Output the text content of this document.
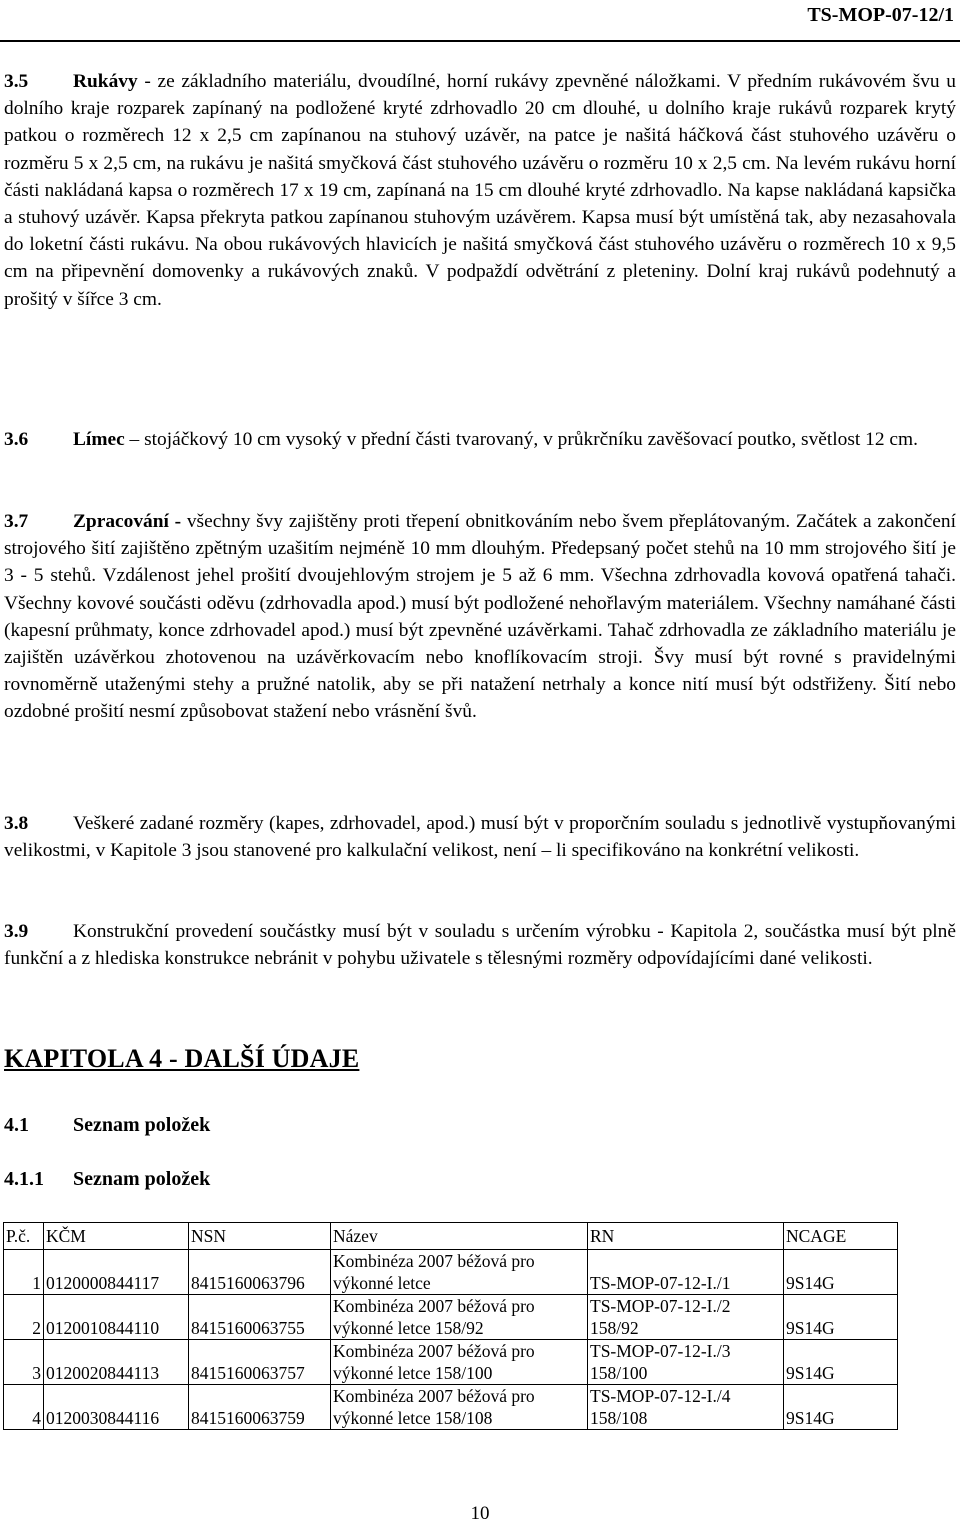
TS-MOP-07-12/1
3.5 Rukávy - ze základního materiálu, dvoudílné, horní rukávy zpevněné náložkami. V předním rukávovém švu u dolního kraje rozparek zapínaný na podložené kryté zdrhovadlo 20 cm dlouhé, u dolního kraje rukávů rozparek krytý patkou o rozměrech 12 x 2,5 cm zapínanou na stuhový uzávěr, na patce je našitá háčková část stuhového uzávěru o rozměru 5 x 2,5 cm, na rukávu je našitá smyčková část stuhového uzávěru o rozměru 10 x 2,5 cm. Na levém rukávu horní části nakládaná kapsa o rozměrech 17 x 19 cm, zapínaná na 15 cm dlouhé kryté zdrhovadlo. Na kapse nakládaná kapsička a stuhový uzávěr. Kapsa překryta patkou zapínanou stuhovým uzávěrem. Kapsa musí být umístěná tak, aby nezasahovala do loketní části rukávu. Na obou rukávových hlavicích je našitá smyčková část stuhového uzávěru o rozměrech 10 x 9,5 cm na připevnění domovenky a rukávových znaků. V podpaždí odvětrání z pleteniny. Dolní kraj rukávů podehnutý a prošitý v šířce 3 cm.
3.6 Límec – stojáčkový 10 cm vysoký v přední části tvarovaný, v průkrčníku zavěšovací poutko, světlost 12 cm.
3.7 Zpracování - všechny švy zajištěny proti třepení obnitkováním nebo švem přeplátovaným. Začátek a zakončení strojového šití zajištěno zpětným uzašitím nejméně 10 mm dlouhým. Předepsaný počet stehů na 10 mm strojového šití je 3 - 5 stehů. Vzdálenost jehel prošití dvoujehlovým strojem je 5 až 6 mm. Všechna zdrhovadla kovová opatřená tahači. Všechny kovové součásti oděvu (zdrhovadla apod.) musí být podložené nehořlavým materiálem. Všechny namáhané části (kapesní průhmaty, konce zdrhovadel apod.) musí být zpevněné uzávěrkami. Tahač zdrhovadla ze základního materiálu je zajištěn uzávěrkou zhotovenou na uzávěrkovacím nebo knoflíkovacím stroji. Švy musí být rovné s pravidelnými rovnoměrně utaženými stehy a pružné natolik, aby se při natažení netrhaly a konce nití musí být odstřiženy. Šití nebo ozdobné prošití nesmí způsobovat stažení nebo vrásnění švů.
3.8 Veškeré zadané rozměry (kapes, zdrhovadel, apod.) musí být v proporčním souladu s jednotlivě vystupňovanými velikostmi, v Kapitole 3 jsou stanovené pro kalkulační velikost, není – li specifikováno na konkrétní velikosti.
3.9 Konstrukční provedení součástky musí být v souladu s určením výrobku - Kapitola 2, součástka musí být plně funkční a z hlediska konstrukce nebránit v pohybu uživatele s tělesnými rozměry odpovídajícími dané velikosti.
KAPITOLA 4 - DALŠÍ ÚDAJE
4.1 Seznam položek
4.1.1 Seznam položek
P.č.	KČM	NSN	Název	RN	NCAGE
1	0120000844117	8415160063796	Kombinéza 2007 béžová pro výkonné letce	TS-MOP-07-12-I./1	9S14G
2	0120010844110	8415160063755	Kombinéza 2007 béžová pro výkonné letce 158/92	TS-MOP-07-12-I./2 158/92	9S14G
3	0120020844113	8415160063757	Kombinéza 2007 béžová pro výkonné letce 158/100	TS-MOP-07-12-I./3 158/100	9S14G
4	0120030844116	8415160063759	Kombinéza 2007 béžová pro výkonné letce 158/108	TS-MOP-07-12-I./4 158/108	9S14G
10
